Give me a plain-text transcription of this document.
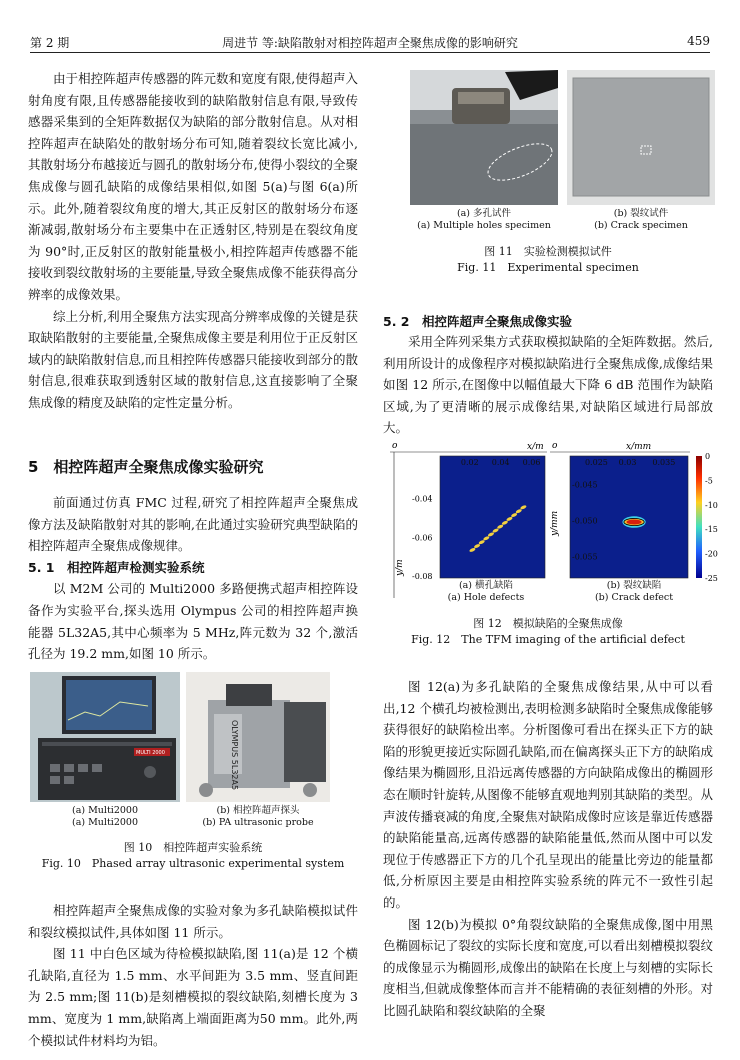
第 2 期	周进节 等:缺陷散射对相控阵超声全聚焦成像的影响研究	459

由于相控阵超声传感器的阵元数和宽度有限,使得超声入射角度有限,且传感器能接收到的缺陷散射信息有限,导致传感器采集到的全矩阵数据仅为缺陷的部分散射信息。从对相控阵超声在缺陷处的散射场分布可知,随着裂纹长宽比减小,其散射场分布越接近与圆孔的散射场分布,使得小裂纹的全聚焦成像与圆孔缺陷的成像结果相似,如图 5(a)与图 6(a)所示。此外,随着裂纹角度的增大,其正反射区的散射场分布逐渐减弱,散射场分布主要集中在正透射区,特别是在裂纹角度为 90°时,正反射区的散射能量极小,相控阵超声传感器不能接收到裂纹散射场的主要能量,导致全聚焦成像不能获得高分辨率的成像效果。

综上分析,利用全聚焦方法实现高分辨率成像的关键是获取缺陷散射的主要能量,全聚焦成像主要是利用位于正反射区域内的缺陷散射信息,而且相控阵传感器只能接收到部分的散射信息,很难获取到透射区域的散射信息,这直接影响了全聚焦成像的精度及缺陷的定性定量分析。

5　相控阵超声全聚焦成像实验研究

前面通过仿真 FMC 过程,研究了相控阵超声全聚焦成像方法及缺陷散射对其的影响,在此通过实验研究典型缺陷的相控阵超声全聚焦成像规律。

5. 1　相控阵超声检测实验系统

以 M2M 公司的 Multi2000 多路便携式超声相控阵设备作为实验平台,探头选用 Olympus 公司的相控阵超声换能器 5L32A5,其中心频率为 5 MHz,阵元数为 32 个,激活孔径为 19.2 mm,如图 10 所示。

MULTI 2000	OLYMPUS 5L32A5
(a) Multi2000
(a) Multi2000
(b) 相控阵超声探头
(b) PA ultrasonic probe
图 10　相控阵超声实验系统
Fig. 10　Phased array ultrasonic experimental system

相控阵超声全聚焦成像的实验对象为多孔缺陷模拟试件和裂纹模拟试件,具体如图 11 所示。

图 11 中白色区域为待检模拟缺陷,图 11(a)是 12 个横孔缺陷,直径为 1.5 mm、水平间距为 3.5 mm、竖直间距为 2.5 mm;图 11(b)是刻槽模拟的裂纹缺陷,刻槽长度为 3 mm、宽度为 1 mm,缺陷离上端面距离为50 mm。此外,两个模拟试件材料均为铝。

(a) 多孔试件
(a) Multiple holes specimen
(b) 裂纹试件
(b) Crack specimen
图 11　实验检测模拟试件
Fig. 11　Experimental specimen
5. 2　相控阵超声全聚焦成像实验

采用全阵列采集方式获取模拟缺陷的全矩阵数据。然后,利用所设计的成像程序对模拟缺陷进行全聚焦成像,成像结果如图 12 所示,在图像中以幅值最大下降 6 dB 范围作为缺陷区域,为了更清晰的展示成像结果,对缺陷区域进行局部放大。

x/m
o
y/m
0.02 0.04 0.06
-0.04
-0.06
-0.08
x/mm
o
y/mm
0.025 0.03 0.035
-0.045
-0.050
-0.055
0
-5
-10
-15
-20
-25
(a) 横孔缺陷
(a) Hole defects
(b) 裂纹缺陷
(b) Crack defect
图 12　模拟缺陷的全聚焦成像
Fig. 12　The TFM imaging of the artificial defect

图 12(a)为多孔缺陷的全聚焦成像结果,从中可以看出,12 个横孔均被检测出,表明检测多缺陷时全聚焦成像能够获得很好的缺陷检出率。分析图像可看出在探头正下方的缺陷的形貌更接近实际圆孔缺陷,而在偏离探头正下方的缺陷成像结果为椭圆形,且沿远离传感器的方向缺陷成像出的椭圆形态在顺时针旋转,从图像不能够直观地判别其缺陷的类型。从声波传播衰减的角度,全聚焦对缺陷成像时应该是靠近传感器的缺陷能量高,远离传感器的缺陷能量低,然而从图中可以发现位于传感器正下方的几个孔呈现出的能量比旁边的能量都低,分析原因主要是由相控阵实验系统的阵元不一致性引起的。

图 12(b)为模拟 0°角裂纹缺陷的全聚焦成像,图中用黑色椭圆标记了裂纹的实际长度和宽度,可以看出刻槽模拟裂纹的成像显示为椭圆形,成像出的缺陷在长度上与刻槽的实际长度相当,但就成像整体而言并不能精确的表征刻槽的外形。对比圆孔缺陷和裂纹缺陷的全聚
